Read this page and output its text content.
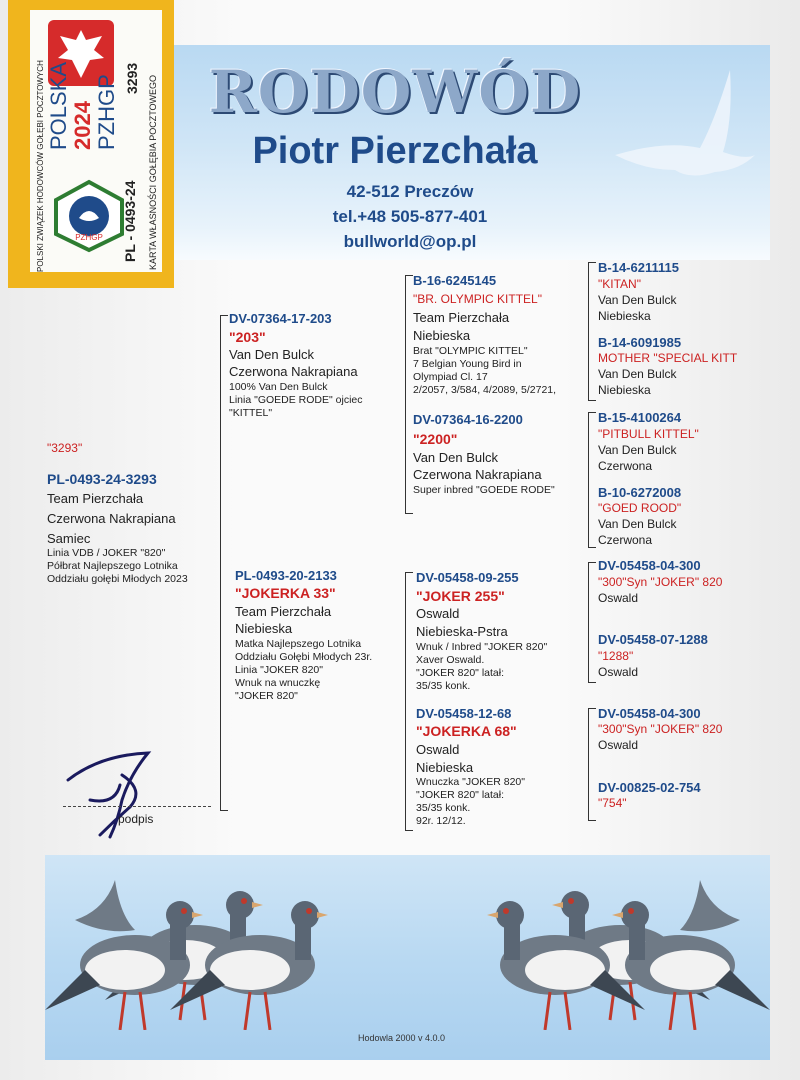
RODOWÓD
Piotr Pierzchała
42-512 Preczów
tel.+48 505-877-401
bullworld@op.pl
PZHGP
POLSKI ZWIĄZEK HODOWCÓW GOŁĘBI POCZTOWYCH POLSKA 2024 PZHGP 3293
PL - 0493-24 KARTA WŁASNOŚCI GOŁĘBIA POCZTOWEGO
"3293"
PL-0493-24-3293
Team Pierzchała
Czerwona Nakrapiana
Samiec
Linia VDB / JOKER "820"
Półbrat Najlepszego Lotnika
Oddziału gołębi Młodych 2023
DV-07364-17-203
"203"
Van Den Bulck
Czerwona Nakrapiana
100% Van Den Bulck
Linia "GOEDE RODE" ojciec
"KITTEL"
PL-0493-20-2133
"JOKERKA 33"
Team Pierzchała
Niebieska
Matka Najlepszego Lotnika
Oddziału Gołębi Młodych 23r.
Linia "JOKER 820"
Wnuk na wnuczkę
"JOKER 820"
B-16-6245145
"BR. OLYMPIC KITTEL"
Team Pierzchała
Niebieska
Brat "OLYMPIC KITTEL"
7 Belgian Young Bird in
Olympiad Cl. 17
2/2057, 3/584, 4/2089, 5/2721,
DV-07364-16-2200
"2200"
Van Den Bulck
Czerwona Nakrapiana
Super inbred "GOEDE RODE"
DV-05458-09-255
"JOKER 255"
Oswald
Niebieska-Pstra
Wnuk / Inbred "JOKER 820"
Xaver Oswald.
"JOKER 820" latał:
35/35 konk.
DV-05458-12-68
"JOKERKA 68"
Oswald
Niebieska
Wnuczka "JOKER 820"
"JOKER 820" latał:
35/35 konk.
92r. 12/12.
B-14-6211115
"KITAN"
Van Den Bulck
Niebieska
B-14-6091985
MOTHER "SPECIAL KITT
Van Den Bulck
Niebieska
B-15-4100264
"PITBULL KITTEL"
Van Den Bulck
Czerwona
B-10-6272008
"GOED ROOD"
Van Den Bulck
Czerwona
DV-05458-04-300
"300"Syn "JOKER" 820
Oswald
DV-05458-07-1288
"1288"
Oswald
DV-05458-04-300
"300"Syn "JOKER" 820
Oswald
DV-00825-02-754
"754"
podpis
Hodowla 2000 v 4.0.0
